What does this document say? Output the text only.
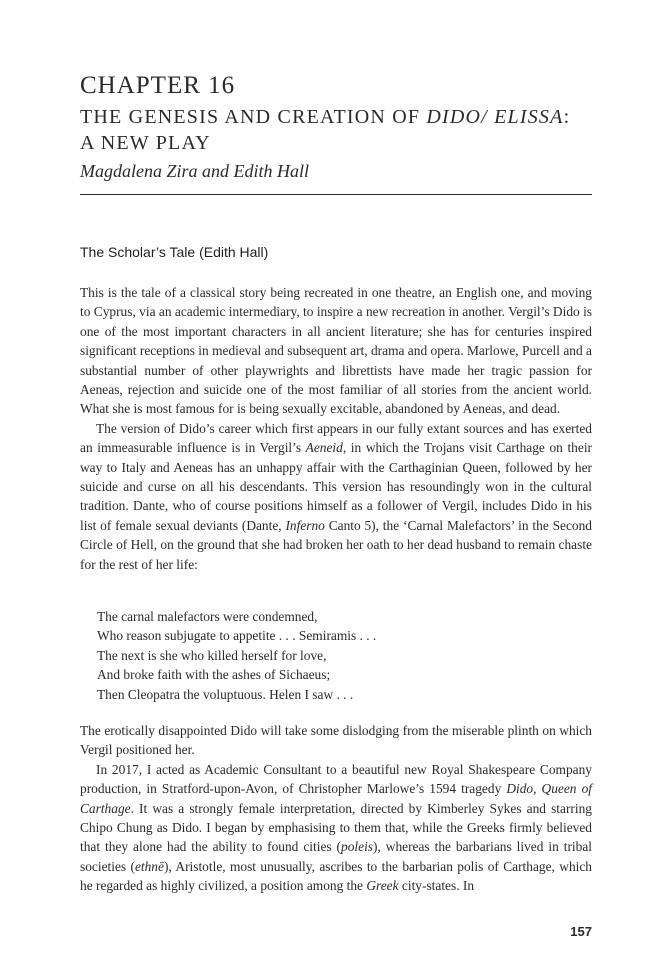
CHAPTER 16
THE GENESIS AND CREATION OF DIDO/ ELISSA: A NEW PLAY
Magdalena Zira and Edith Hall
The Scholar’s Tale (Edith Hall)

This is the tale of a classical story being recreated in one theatre, an English one, and moving to Cyprus, via an academic intermediary, to inspire a new recreation in another. Vergil’s Dido is one of the most important characters in all ancient literature; she has for centuries inspired significant receptions in medieval and subsequent art, drama and opera. Marlowe, Purcell and a substantial number of other playwrights and librettists have made her tragic passion for Aeneas, rejection and suicide one of the most familiar of all stories from the ancient world. What she is most famous for is being sexually excitable, abandoned by Aeneas, and dead.

The version of Dido’s career which first appears in our fully extant sources and has exerted an immeasurable influence is in Vergil’s Aeneid, in which the Trojans visit Carthage on their way to Italy and Aeneas has an unhappy affair with the Carthaginian Queen, followed by her suicide and curse on all his descendants. This version has resoundingly won in the cultural tradition. Dante, who of course positions himself as a follower of Vergil, includes Dido in his list of female sexual deviants (Dante, Inferno Canto 5), the ‘Carnal Malefactors’ in the Second Circle of Hell, on the ground that she had broken her oath to her dead husband to remain chaste for the rest of her life:

The carnal malefactors were condemned,
Who reason subjugate to appetite . . . Semiramis . . .
The next is she who killed herself for love,
And broke faith with the ashes of Sichaeus;
Then Cleopatra the voluptuous. Helen I saw . . .

The erotically disappointed Dido will take some dislodging from the miserable plinth on which Vergil positioned her.

In 2017, I acted as Academic Consultant to a beautiful new Royal Shakespeare Company production, in Stratford-upon-Avon, of Christopher Marlowe’s 1594 tragedy Dido, Queen of Carthage. It was a strongly female interpretation, directed by Kimberley Sykes and starring Chipo Chung as Dido. I began by emphasising to them that, while the Greeks firmly believed that they alone had the ability to found cities (poleis), whereas the barbarians lived in tribal societies (ethnē), Aristotle, most unusually, ascribes to the barbarian polis of Carthage, which he regarded as highly civilized, a position among the Greek city-states. In

157
